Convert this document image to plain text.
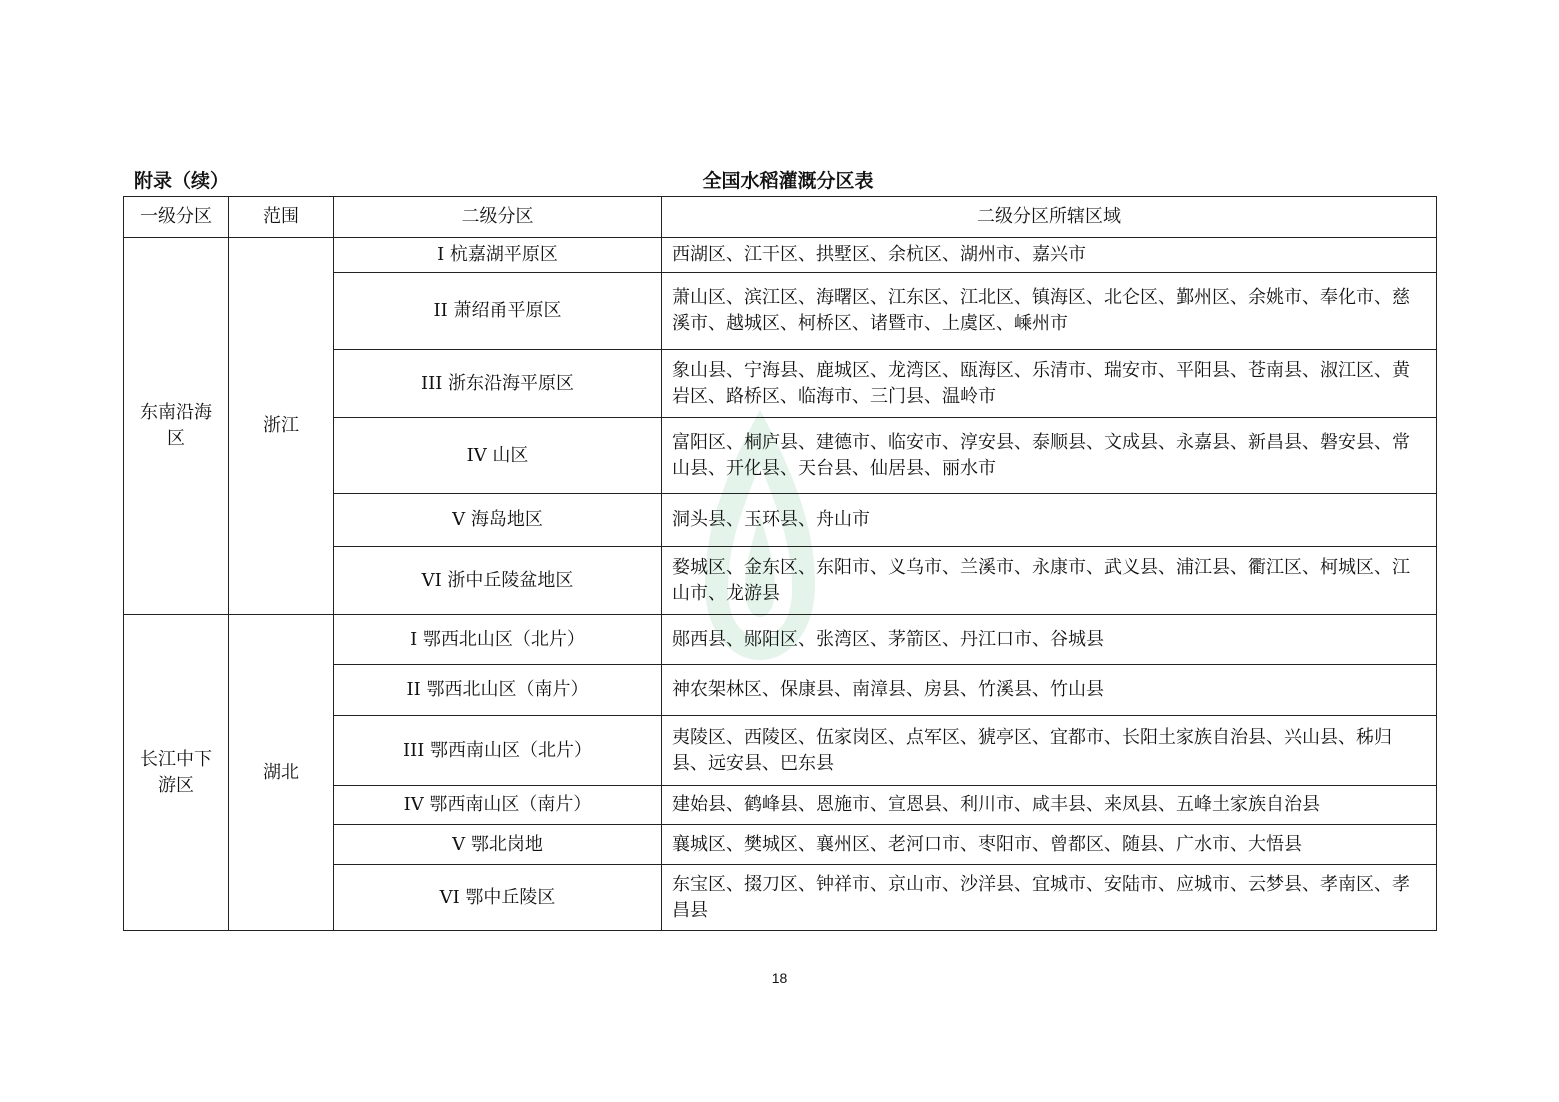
附录（续）	全国水稻灌溉分区表
一级分区	范围	二级分区	二级分区所辖区域
东南沿海区	浙江	I 杭嘉湖平原区	西湖区、江干区、拱墅区、余杭区、湖州市、嘉兴市
		II 萧绍甬平原区	萧山区、滨江区、海曙区、江东区、江北区、镇海区、北仑区、鄞州区、余姚市、奉化市、慈溪市、越城区、柯桥区、诸暨市、上虞区、嵊州市
		III 浙东沿海平原区	象山县、宁海县、鹿城区、龙湾区、瓯海区、乐清市、瑞安市、平阳县、苍南县、淑江区、黄岩区、路桥区、临海市、三门县、温岭市
		IV 山区	富阳区、桐庐县、建德市、临安市、淳安县、泰顺县、文成县、永嘉县、新昌县、磐安县、常山县、开化县、天台县、仙居县、丽水市
		V 海岛地区	洞头县、玉环县、舟山市
		VI 浙中丘陵盆地区	婺城区、金东区、东阳市、义乌市、兰溪市、永康市、武义县、浦江县、衢江区、柯城区、江山市、龙游县
长江中下游区	湖北	I 鄂西北山区（北片）	郧西县、郧阳区、张湾区、茅箭区、丹江口市、谷城县
		II 鄂西北山区（南片）	神农架林区、保康县、南漳县、房县、竹溪县、竹山县
		III 鄂西南山区（北片）	夷陵区、西陵区、伍家岗区、点军区、猇亭区、宜都市、长阳土家族自治县、兴山县、秭归县、远安县、巴东县
		IV 鄂西南山区（南片）	建始县、鹤峰县、恩施市、宣恩县、利川市、咸丰县、来凤县、五峰土家族自治县
		V 鄂北岗地	襄城区、樊城区、襄州区、老河口市、枣阳市、曾都区、随县、广水市、大悟县
		VI 鄂中丘陵区	东宝区、掇刀区、钟祥市、京山市、沙洋县、宜城市、安陆市、应城市、云梦县、孝南区、孝昌县
18
